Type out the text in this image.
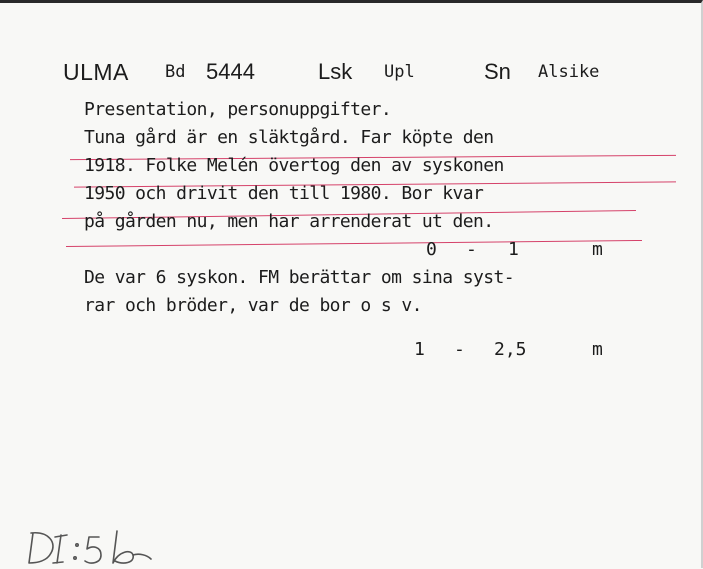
ULMA Bd 5444	Lsk Upl	Sn Alsike
Presentation, personuppgifter.
Tuna gård är en släktgård. Far köpte den
1918. Folke Melén övertog den av syskonen
1950 och drivit den till 1980. Bor kvar
på gården nu, men har arrenderat ut den.
De var 6 syskon. FM berättar om sina syst-
rar och bröder, var de bor o s v.
0 - 1	m
1 - 2,5	m
